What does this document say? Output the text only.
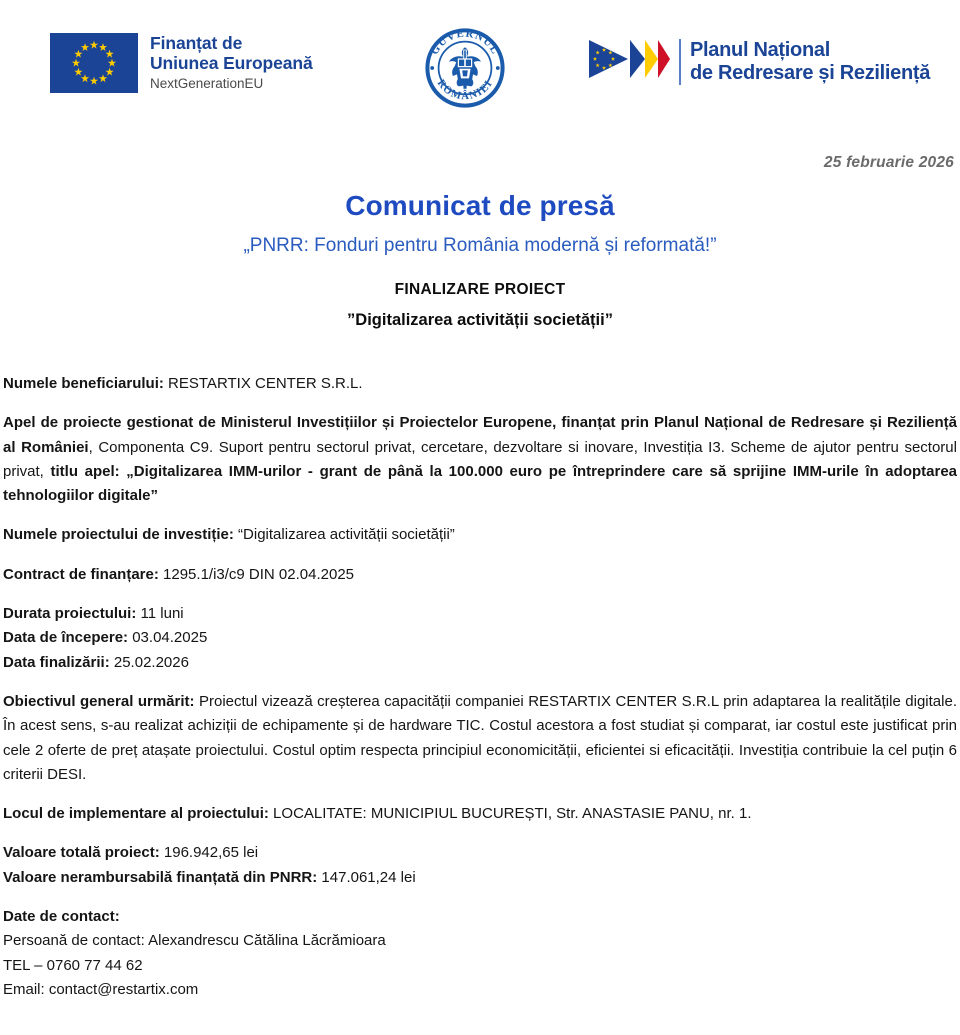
Finanțat de
Uniunea Europeană
NextGenerationEU
GUVERNUL
ROMÂNIEI
Planul Național
de Redresare și Reziliență
25 februarie 2026
Comunicat de presă
„PNRR: Fonduri pentru România modernă și reformată!”
FINALIZARE PROIECT
”Digitalizarea activității societății”

Numele beneficiarului: RESTARTIX CENTER S.R.L.

Apel de proiecte gestionat de Ministerul Investițiilor și Proiectelor Europene, finanțat prin Planul Național de Redresare și Reziliență al României, Componenta C9. Suport pentru sectorul privat, cercetare, dezvoltare si inovare, Investiția I3. Scheme de ajutor pentru sectorul privat, titlu apel: „Digitalizarea IMM-urilor - grant de până la 100.000 euro pe întreprindere care să sprijine IMM-urile în adoptarea tehnologiilor digitale”

Numele proiectului de investiție: “Digitalizarea activității societății”

Contract de finanțare: 1295.1/i3/c9 DIN 02.04.2025

Durata proiectului: 11 luni

Data de începere: 03.04.2025

Data finalizării: 25.02.2026

Obiectivul general urmărit: Proiectul vizează creșterea capacității companiei RESTARTIX CENTER S.R.L prin adaptarea la realitățile digitale. În acest sens, s-au realizat achiziții de echipamente și de hardware TIC. Costul acestora a fost studiat și comparat, iar costul este justificat prin cele 2 oferte de preț atașate proiectului. Costul optim respecta principiul economicității, eficientei si eficacității. Investiția contribuie la cel puțin 6 criterii DESI.

Locul de implementare al proiectului: LOCALITATE: MUNICIPIUL BUCUREȘTI, Str. ANASTASIE PANU, nr. 1.

Valoare totală proiect: 196.942,65 lei

Valoare nerambursabilă finanțată din PNRR: 147.061,24 lei

Date de contact:

Persoană de contact: Alexandrescu Cătălina Lăcrămioara

TEL – 0760 77 44 62

Email: contact@restartix.com
